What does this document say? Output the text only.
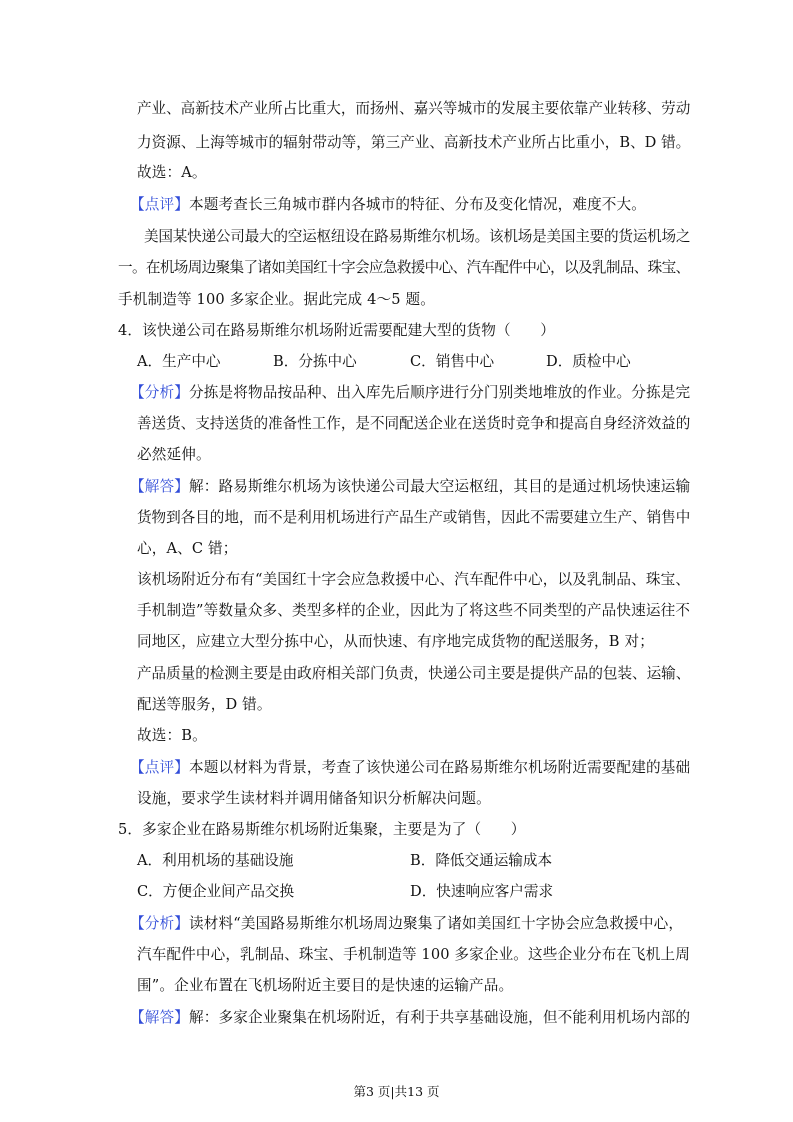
产业、高新技术产业所占比重大，而扬州、嘉兴等城市的发展主要依靠产业转移、劳动
力资源、上海等城市的辐射带动等，第三产业、高新技术产业所占比重小，B、D 错。
故选：A。
【点评】本题考查长三角城市群内各城市的特征、分布及变化情况，难度不大。
美国某快递公司最大的空运枢纽设在路易斯维尔机场。该机场是美国主要的货运机场之
一。在机场周边聚集了诸如美国红十字会应急救援中心、汽车配件中心，以及乳制品、珠宝、
手机制造等 100 多家企业。据此完成 4～5 题。
4．该快递公司在路易斯维尔机场附近需要配建大型的货物（　　）
A．生产中心	B．分拣中心	C．销售中心	D．质检中心
【分析】分拣是将物品按品种、出入库先后顺序进行分门别类地堆放的作业。分拣是完
善送货、支持送货的准备性工作，是不同配送企业在送货时竞争和提高自身经济效益的
必然延伸。
【解答】解：路易斯维尔机场为该快递公司最大空运枢纽，其目的是通过机场快速运输
货物到各目的地，而不是利用机场进行产品生产或销售，因此不需要建立生产、销售中
心，A、C 错；
该机场附近分布有“美国红十字会应急救援中心、汽车配件中心，以及乳制品、珠宝、
手机制造”等数量众多、类型多样的企业，因此为了将这些不同类型的产品快速运往不
同地区，应建立大型分拣中心，从而快速、有序地完成货物的配送服务，B 对；
产品质量的检测主要是由政府相关部门负责，快递公司主要是提供产品的包装、运输、
配送等服务，D 错。
故选：B。
【点评】本题以材料为背景，考查了该快递公司在路易斯维尔机场附近需要配建的基础
设施，要求学生读材料并调用储备知识分析解决问题。
5．多家企业在路易斯维尔机场附近集聚，主要是为了（　　）
A．利用机场的基础设施	B．降低交通运输成本
C．方便企业间产品交换	D．快速响应客户需求
【分析】读材料“美国路易斯维尔机场周边聚集了诸如美国红十字协会应急救援中心，
汽车配件中心，乳制品、珠宝、手机制造等 100 多家企业。这些企业分布在飞机上周
围”。企业布置在飞机场附近主要目的是快速的运输产品。
【解答】解：多家企业聚集在机场附近，有利于共享基础设施，但不能利用机场内部的
第3 页|共13 页
